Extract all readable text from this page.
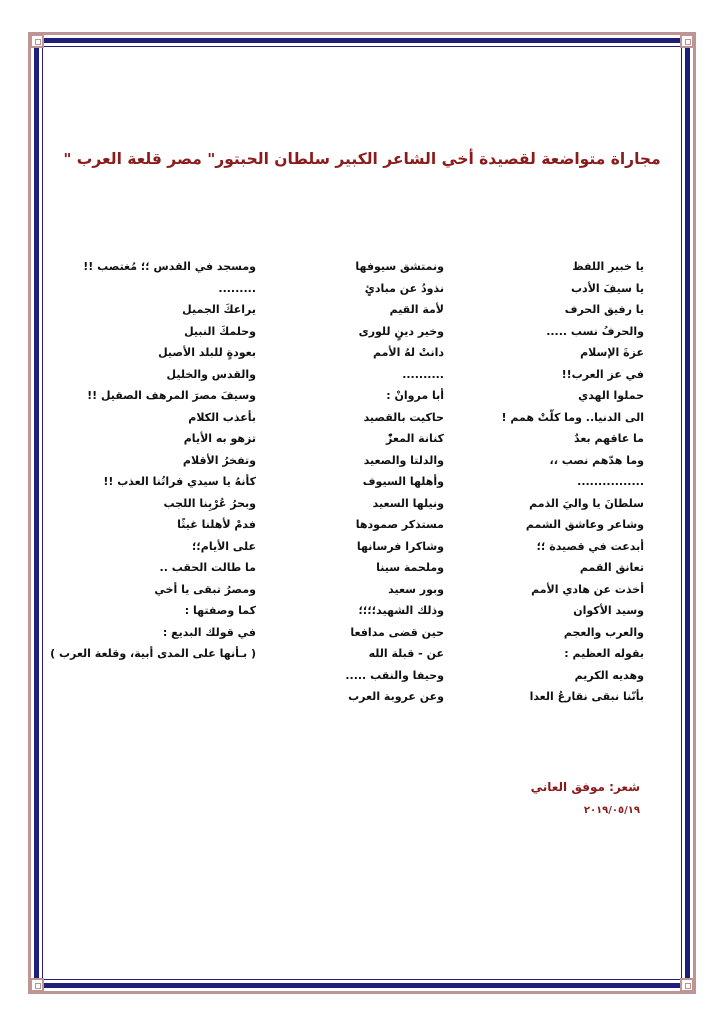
مجاراة متواضعة لقصيدة أخي الشاعر الكبير سلطان الحبتور" مصر قلعة العرب "
يا خبير اللفظ
يا سيفَ الأدب
يا رفيق الحرف
والحرفُ نسب .....
عزةَ الإسلام
في عز العرب!!
حملوا الهدي
الى الدنيا.. وما كلّتْ همم !
ما عاقهم بعدٌ
وما هدّهم نصب ،،
................
سلطانَ يا واليَ الذمم
وشاعر وعاشق الشمم
أبدعت في قصيدة ؛؛
تعانق القمم
أخذت عن هادي الأمم
وسيد الأكوان
والعرب والعجم
بقوله العظيم :
وهديه الكريم
بأنّنا نبقى نقارعُ العدا
ونمتشق سيوفها
نذودُ عن مبادئٍ
لأمة القيم
وخير دينٍ للورى
دانتْ لهُ الأمم
..........
أبا مروانْ :
حاكيت بالقصيد
كنانة المعزّْ
والدلتا والصعيد
وأهلها السيوف
ونيلها السعيد
مستذكر صمودها
وشاكرا فرسانها
وملحمة سينا
وبور سعيد
وذلك الشهيد؛؛؛؛
حين قضى مدافعا
عن - قبلة الله
وحيفا والنقب .....
وعن عروبة العرب
ومسجد في القدس ؛؛ مُغتصب !!
.........
يراعكَ الجميل
وحلمكَ النبيل
بعودةٍ للبلد الأصيل
والقدس والخليل
وسيفَ مصرَ المرهف الصقيل !!
بأعذب الكلام
تزهو به الأيام
وتفخرُ الأقلام
كأنهُ يا سيدي فراتُنا العذب !!
وبحرُ عُرْبِنا اللجب
فدمْ لأهلنا غيثًا
على الأيام؛؛
ما طالت الحقب ..
ومصرُ تبقى يا أخي
كما وصفتها :
في قولك البديع :
( بـأنها على المدى أبية، وقلعة العرب )
شعر: موفق العاني
٢٠١٩/٠٥/١٩
